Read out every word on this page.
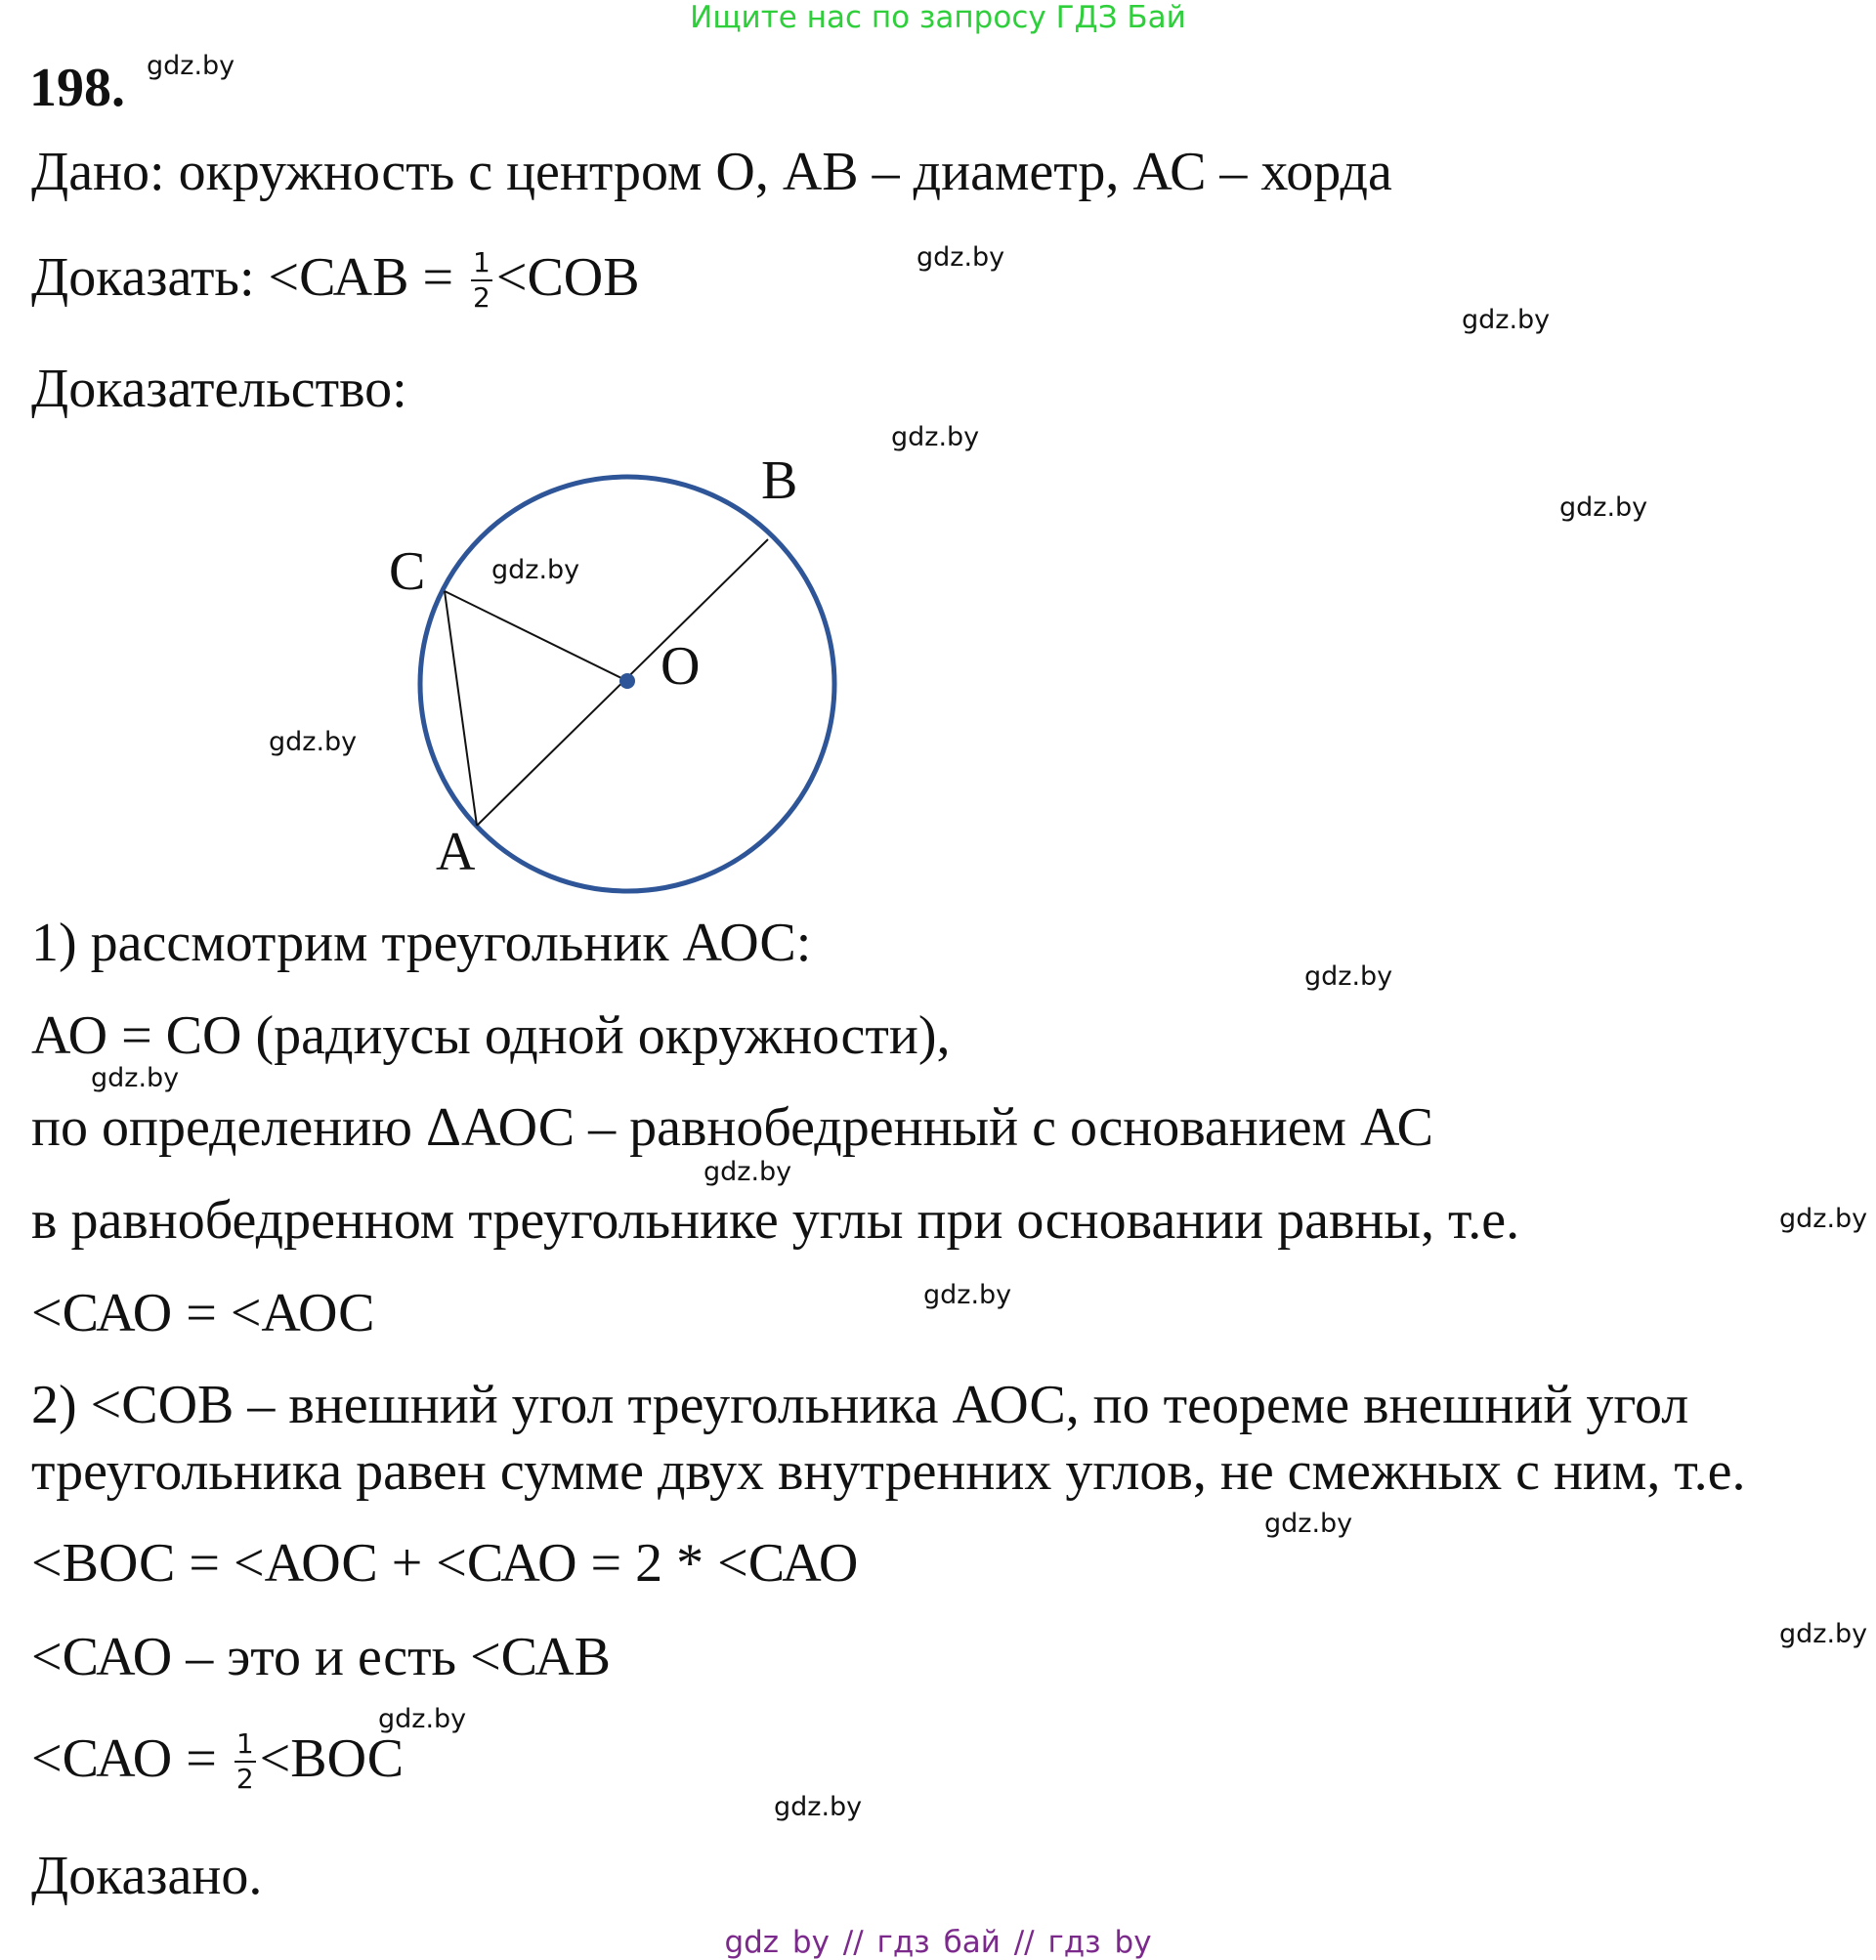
Ищите нас по запросу ГДЗ Бай
198.
Дано: окружность с центром О, АВ – диаметр, АС – хорда
Доказать: $<САВ = \frac{1}{2} <СОВ$
Доказательство:
B
C
O
A
1) рассмотрим треугольник АОС:
АО = СО (радиусы одной окружности),
по определению ΔАОС – равнобедренный с основанием АС
в равнобедренном треугольнике углы при основании равны, т.е.
<САО = <АОС
2) <СОВ – внешний угол треугольника АОС, по теореме внешний угол
треугольника равен сумме двух внутренних углов, не смежных с ним, т.е.
<ВОС = <АОС + <САО = 2 * <САО
<САО – это и есть <САВ
$<САО = \frac{1}{2} <ВОС$
Доказано.
gdz.by
gdz.by
gdz.by
gdz.by
gdz.by
gdz.by
gdz.by
gdz.by
gdz.by
gdz.by
gdz.by
gdz.by
gdz.by
gdz.by
gdz.by
gdz.by
gdz by // гдз бай // гдз by
